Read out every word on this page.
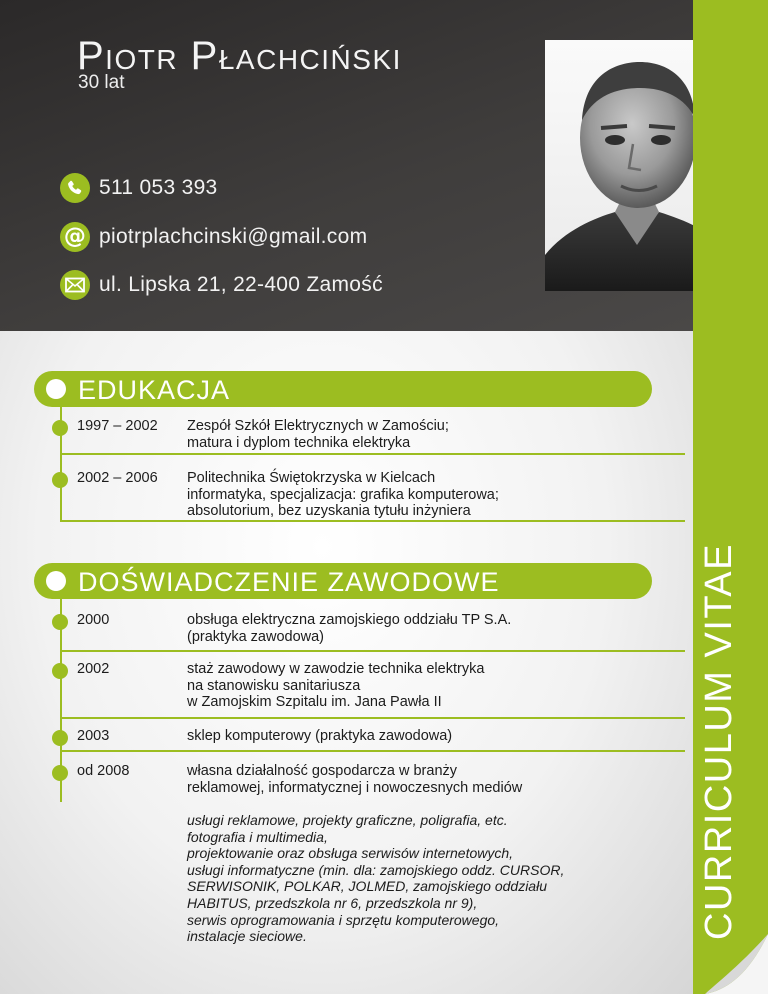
Piotr Płachciński
30 lat
511 053 393
@ piotrplachcinski@gmail.com
ul. Lipska 21, 22-400 Zamość
CURRICULUM VITAE
EDUKACJA
1997 – 2002 Zespół Szkół Elektrycznych w Zamościu;
matura i dyplom technika elektryka
2002 – 2006 Politechnika Świętokrzyska w Kielcach
informatyka, specjalizacja: grafika komputerowa;
absolutorium, bez uzyskania tytułu inżyniera
DOŚWIADCZENIE ZAWODOWE
2000	obsługa elektryczna zamojskiego oddziału TP S.A.
(praktyka zawodowa)
2002	staż zawodowy w zawodzie technika elektryka
na stanowisku sanitariusza
w Zamojskim Szpitalu im. Jana Pawła II
2003	sklep komputerowy (praktyka zawodowa)
od 2008	własna działalność gospodarcza w branży
reklamowej, informatycznej i nowoczesnych mediów
usługi reklamowe, projekty graficzne, poligrafia, etc.
fotografia i multimedia,
projektowanie oraz obsługa serwisów internetowych,
usługi informatyczne (min. dla: zamojskiego oddz. CURSOR,
SERWISONIK, POLKAR, JOLMED, zamojskiego oddziału
HABITUS, przedszkola nr 6, przedszkola nr 9),
serwis oprogramowania i sprzętu komputerowego,
instalacje sieciowe.
